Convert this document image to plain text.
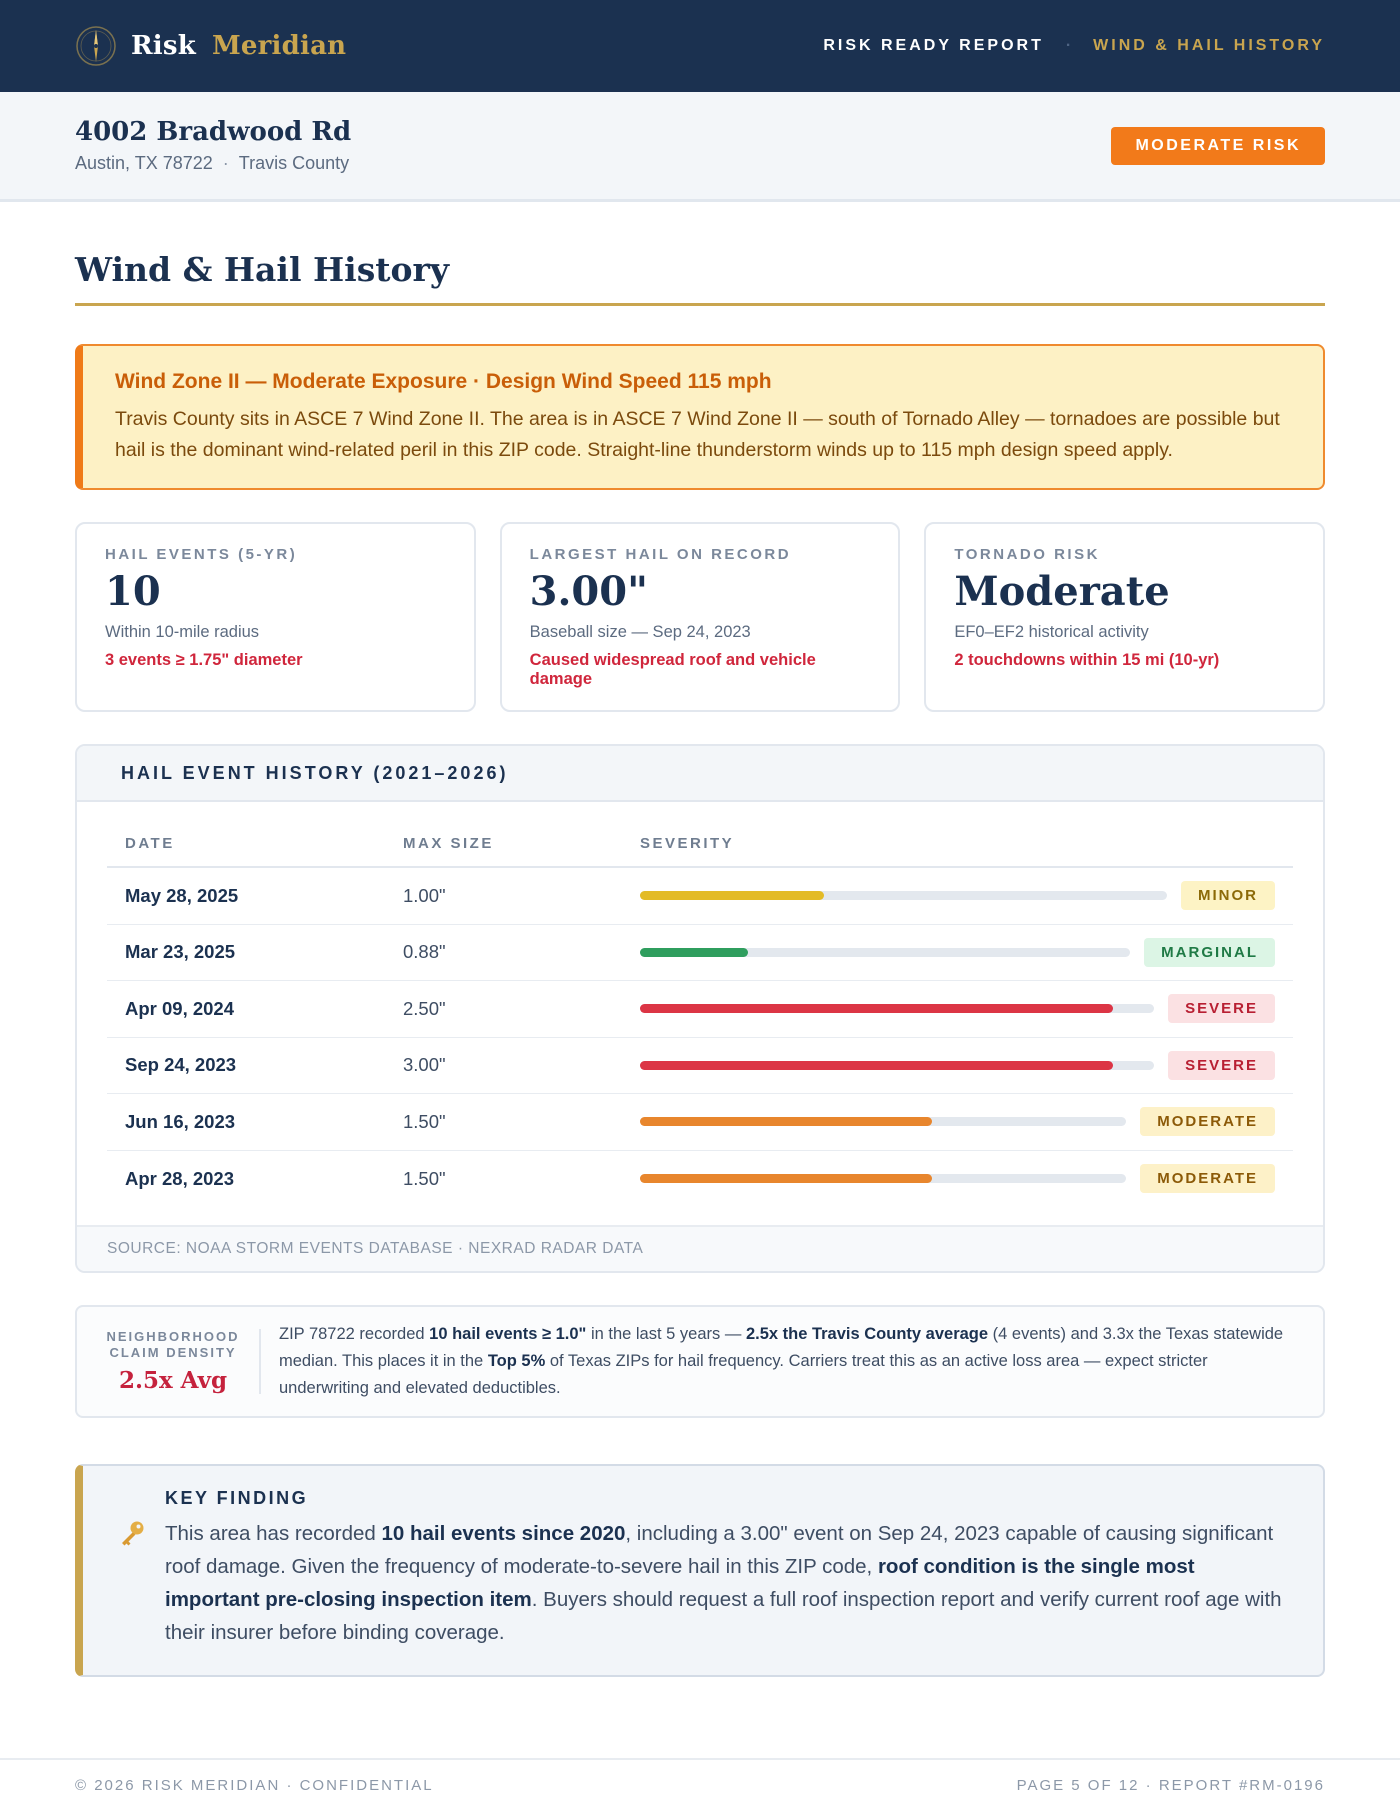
Risk Meridian	RISK READY REPORT · WIND & HAIL HISTORY
4002 Bradwood Rd
Austin, TX 78722 · Travis County
MODERATE RISK
Wind & Hail History
Wind Zone II — Moderate Exposure · Design Wind Speed 115 mph
Travis County sits in ASCE 7 Wind Zone II. The area is in ASCE 7 Wind Zone II — south of Tornado Alley — tornadoes are possible but hail is the dominant wind-related peril in this ZIP code. Straight-line thunderstorm winds up to 115 mph design speed apply.
HAIL EVENTS (5-YR)
10
Within 10-mile radius
3 events ≥ 1.75" diameter
LARGEST HAIL ON RECORD
3.00"
Baseball size — Sep 24, 2023
Caused widespread roof and vehicle damage
TORNADO RISK
Moderate
EF0–EF2 historical activity
2 touchdowns within 15 mi (10-yr)
HAIL EVENT HISTORY (2021–2026)
DATE	MAX SIZE	SEVERITY
May 28, 2025	1.00"	MINOR
Mar 23, 2025	0.88"	MARGINAL
Apr 09, 2024	2.50"	SEVERE
Sep 24, 2023	3.00"	SEVERE
Jun 16, 2023	1.50"	MODERATE
Apr 28, 2023	1.50"	MODERATE
SOURCE: NOAA STORM EVENTS DATABASE · NEXRAD RADAR DATA
NEIGHBORHOOD
CLAIM DENSITY
2.5x Avg
ZIP 78722 recorded 10 hail events ≥ 1.0" in the last 5 years — 2.5x the Travis County average (4 events) and 3.3x the Texas statewide median. This places it in the Top 5% of Texas ZIPs for hail frequency. Carriers treat this as an active loss area — expect stricter underwriting and elevated deductibles.
KEY FINDING
This area has recorded 10 hail events since 2020, including a 3.00" event on Sep 24, 2023 capable of causing significant roof damage. Given the frequency of moderate-to-severe hail in this ZIP code, roof condition is the single most important pre-closing inspection item. Buyers should request a full roof inspection report and verify current roof age with their insurer before binding coverage.
© 2026 RISK MERIDIAN · CONFIDENTIAL	PAGE 5 OF 12 · REPORT #RM-0196
